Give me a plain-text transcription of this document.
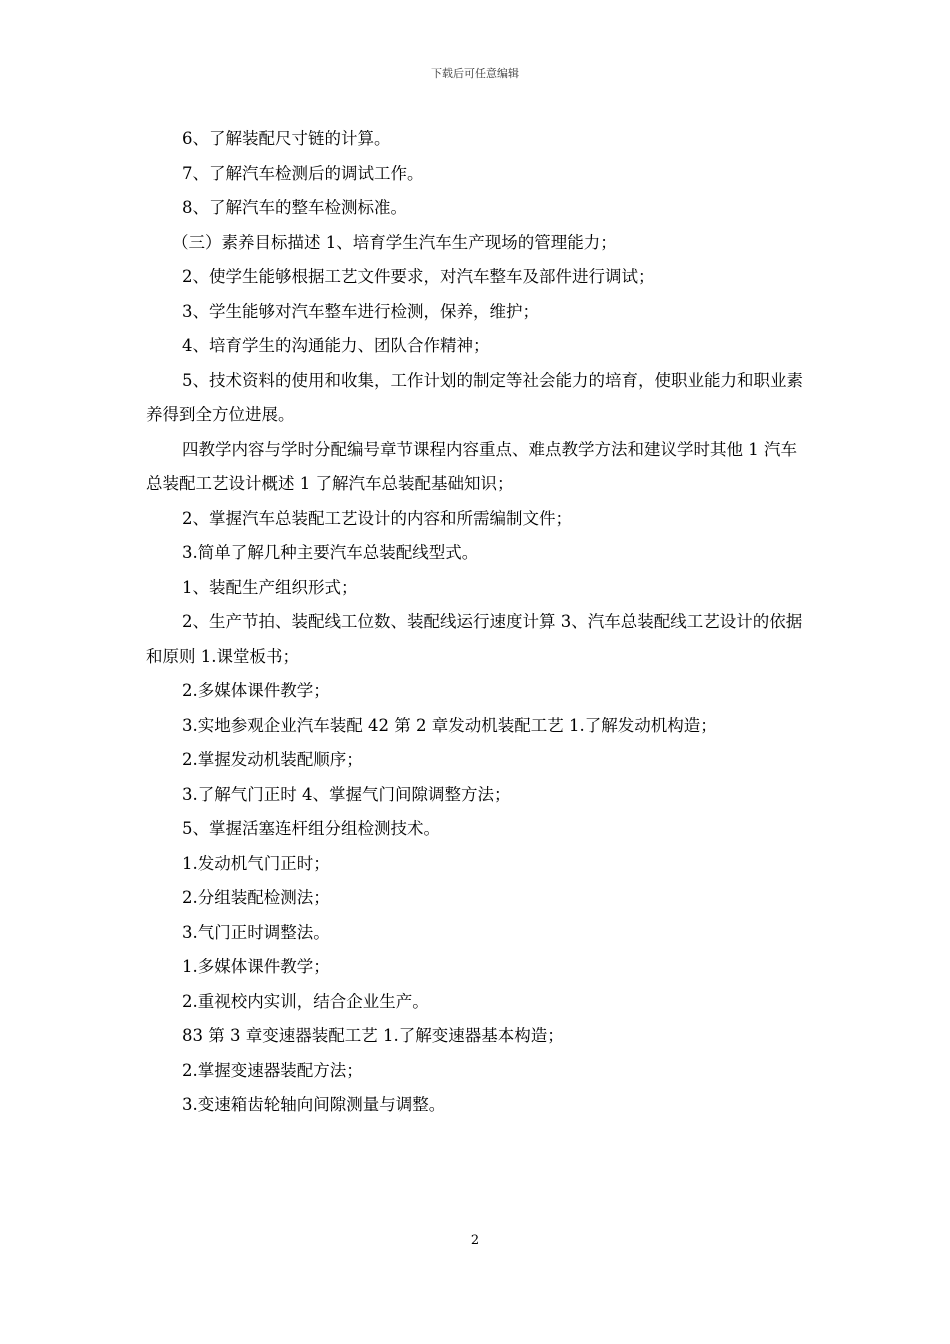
下载后可任意编辑

6、了解装配尺寸链的计算。

7、了解汽车检测后的调试工作。

8、了解汽车的整车检测标准。

（三）素养目标描述 1、培育学生汽车生产现场的管理能力；

2、使学生能够根据工艺文件要求，对汽车整车及部件进行调试；

3、学生能够对汽车整车进行检测，保养，维护；

4、培育学生的沟通能力、团队合作精神；

5、技术资料的使用和收集，工作计划的制定等社会能力的培育，使职业能力和职业素养得到全方位进展。

四教学内容与学时分配编号章节课程内容重点、难点教学方法和建议学时其他 1 汽车总装配工艺设计概述 1 了解汽车总装配基础知识；

2、掌握汽车总装配工艺设计的内容和所需编制文件；

3.简单了解几种主要汽车总装配线型式。

1、装配生产组织形式；

2、生产节拍、装配线工位数、装配线运行速度计算 3、汽车总装配线工艺设计的依据和原则 1.课堂板书；

2.多媒体课件教学；

3.实地参观企业汽车装配 42 第 2 章发动机装配工艺 1.了解发动机构造；

2.掌握发动机装配顺序；

3.了解气门正时 4、掌握气门间隙调整方法；

5、掌握活塞连杆组分组检测技术。

1.发动机气门正时；

2.分组装配检测法；

3.气门正时调整法。

1.多媒体课件教学；

2.重视校内实训，结合企业生产。

83 第 3 章变速器装配工艺 1.了解变速器基本构造；

2.掌握变速器装配方法；

3.变速箱齿轮轴向间隙测量与调整。

2
